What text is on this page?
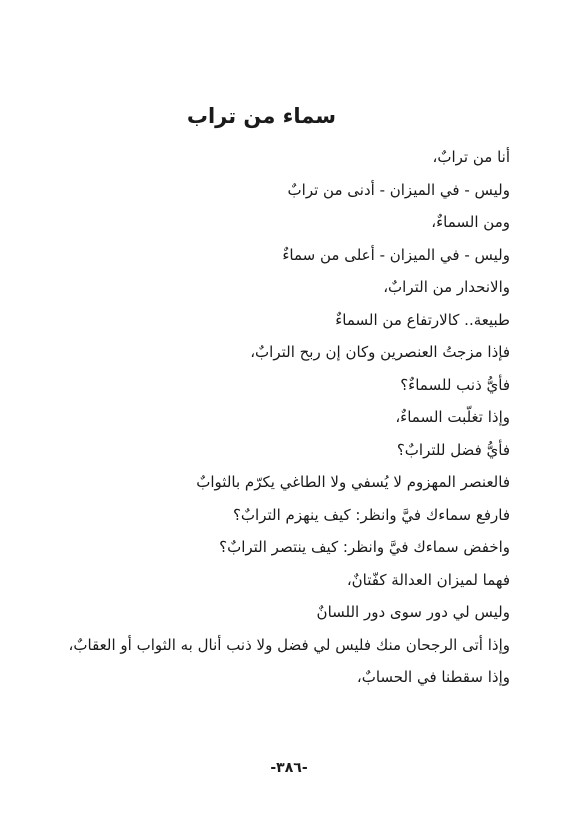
سماء من تراب
أنا من ترابٌ،
وليس - في الميزان - أدنى من ترابٌ
ومن السماءٌ،
وليس - في الميزان - أعلى من سماءٌ
والانحدار من الترابٌ،
طبيعة.. كالارتفاع من السماءٌ
فإذا مزجتُ العنصرين وكان إن ربح الترابٌ،
فأيُّ ذنب للسماءٌ؟
وإذا تغلّبت السماءٌ،
فأيُّ فضل للترابٌ؟
فالعنصر المهزوم لا يُسفي ولا الطاغي يكرّم بالثوابٌ
فارفع سماءك فيَّ وانظر: كيف ينهزم الترابٌ؟
واخفض سماءك فيَّ وانظر: كيف ينتصر الترابٌ؟
فهما لميزان العدالة كفّتانٌ،
وليس لي دور سوى دور اللسانٌ
وإذا أتى الرجحان منك فليس لي فضل ولا ذنب أنال به الثواب أو العقابٌ،
وإذا سقطنا في الحسابٌ،
-٣٨٦-
